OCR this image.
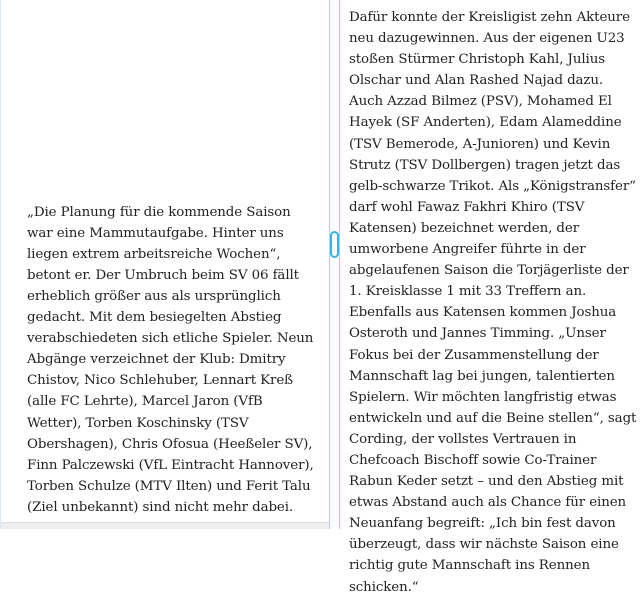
„Die Planung für die kommende Saison war eine Mammutaufgabe. Hinter uns liegen extrem arbeitsreiche Wochen“, betont er. Der Umbruch beim SV 06 fällt erheblich größer aus als ursprünglich gedacht. Mit dem besiegelten Abstieg verabschiedeten sich etliche Spieler. Neun Abgänge verzeichnet der Klub: Dmitry Chistov, Nico Schlehuber, Lennart Kreß (alle FC Lehrte), Marcel Jaron (VfB Wetter), Torben Koschinsky (TSV Obershagen), Chris Ofosua (Heeßeler SV), Finn Palczewski (VfL Eintracht Hannover), Torben Schulze (MTV Ilten) und Ferit Talu (Ziel unbekannt) sind nicht mehr dabei.

Dafür konnte der Kreisligist zehn Akteure neu dazugewinnen. Aus der eigenen U23 stoßen Stürmer Christoph Kahl, Julius Olschar und Alan Rashed Najad dazu. Auch Azzad Bilmez (PSV), Mohamed El Hayek (SF Anderten), Edam Alameddine (TSV Bemerode, A-Junioren) und Kevin Strutz (TSV Dollbergen) tragen jetzt das gelb-schwarze Trikot. Als „Königstransfer“ darf wohl Fawaz Fakhri Khiro (TSV Katensen) bezeichnet werden, der umworbene Angreifer führte in der abgelaufenen Saison die Torjägerliste der 1. Kreisklasse 1 mit 33 Treffern an. Ebenfalls aus Katensen kommen Joshua Osteroth und Jannes Timming. „Unser Fokus bei der Zusammenstellung der Mannschaft lag bei jungen, talentierten Spielern. Wir möchten langfristig etwas entwickeln und auf die Beine stellen“, sagt Cording, der vollstes Vertrauen in Chefcoach Bischoff sowie Co-Trainer Rabun Keder setzt – und den Abstieg mit etwas Abstand auch als Chance für einen Neuanfang begreift: „Ich bin fest davon überzeugt, dass wir nächste Saison eine richtig gute Mannschaft ins Rennen schicken.“
